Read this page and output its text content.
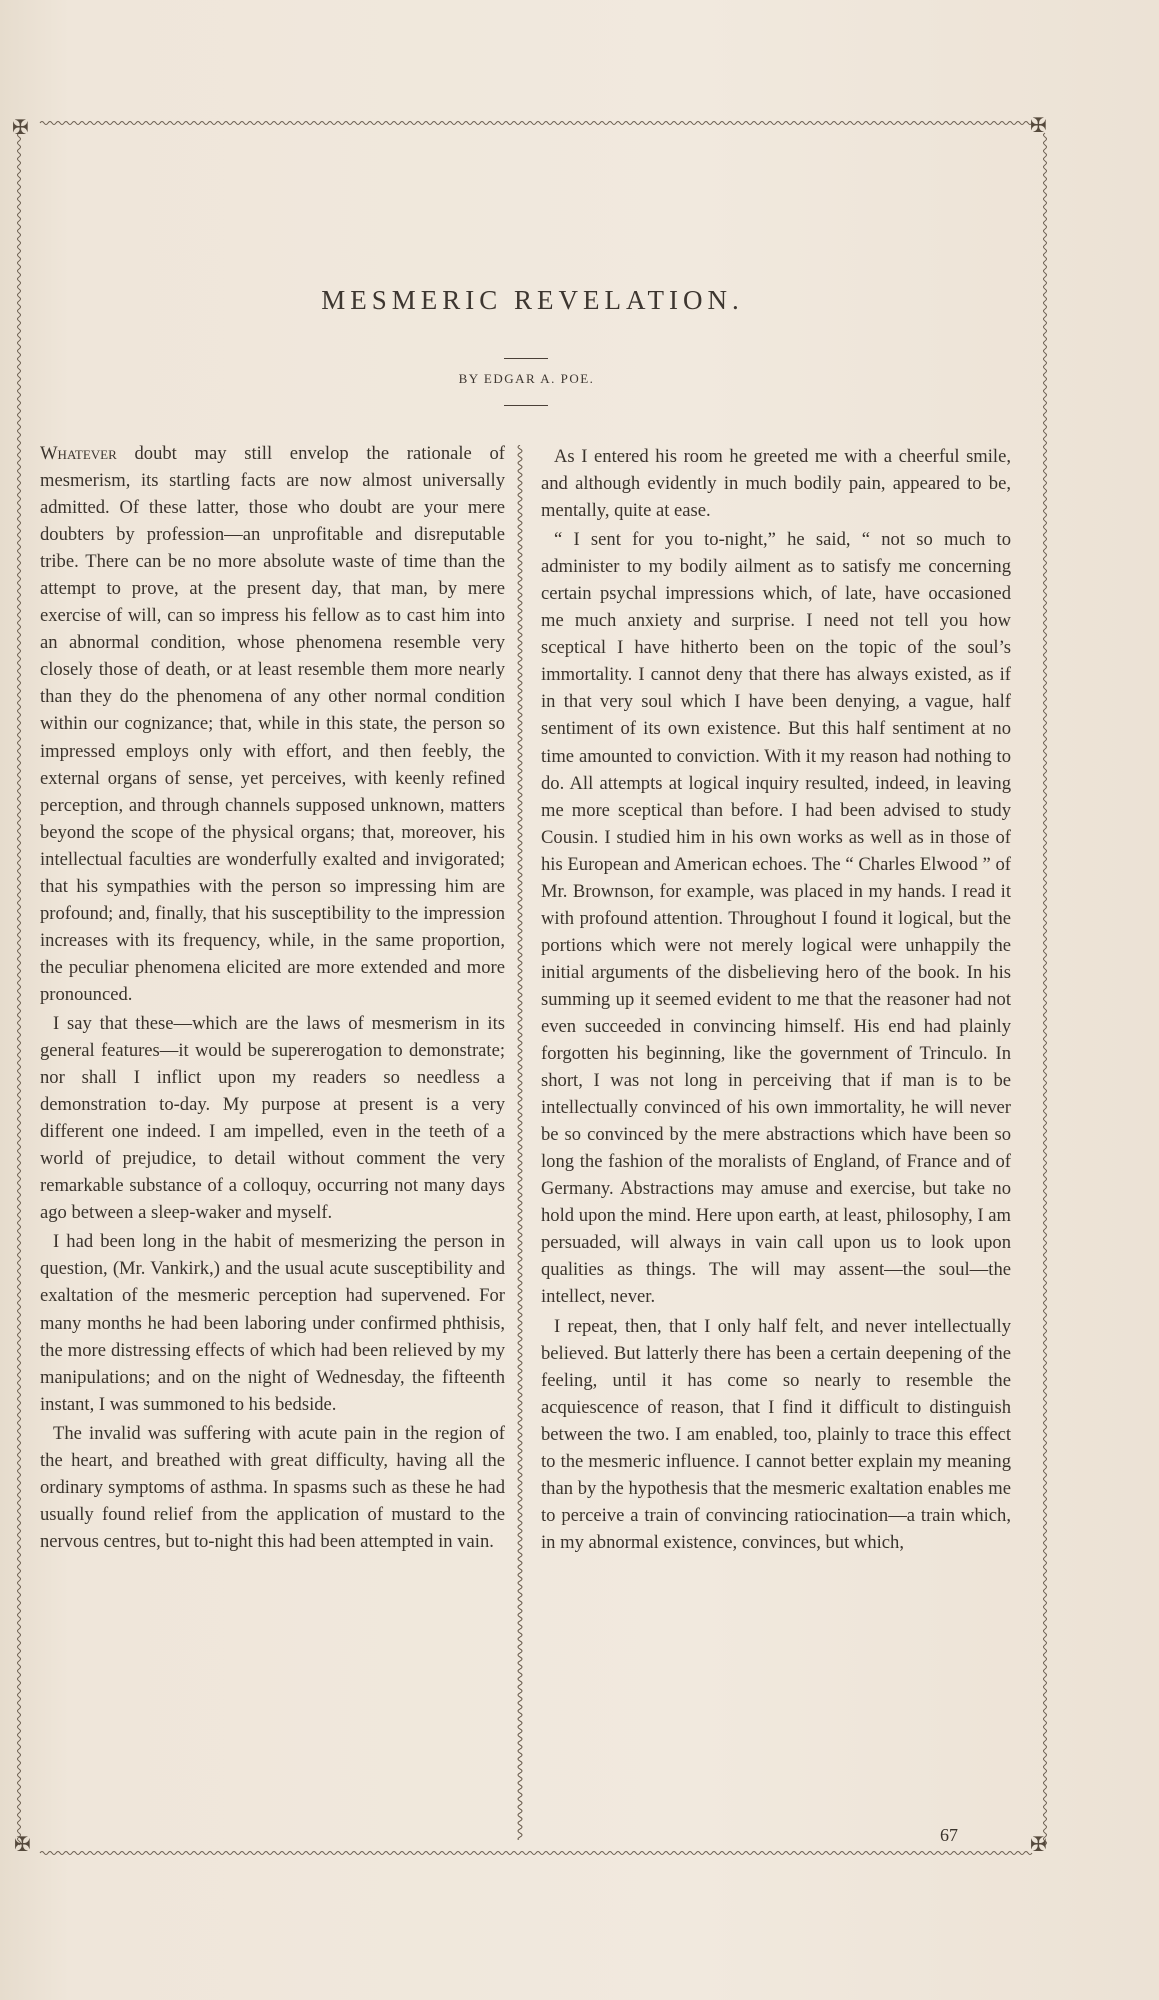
✠	✠
✠	✠
MESMERIC REVELATION.
BY EDGAR A. POE.

Whatever doubt may still envelop the rationale of mesmerism, its startling facts are now almost universally admitted. Of these latter, those who doubt are your mere doubters by profession—an unprofitable and disreputable tribe. There can be no more absolute waste of time than the attempt to prove, at the present day, that man, by mere exercise of will, can so impress his fellow as to cast him into an abnormal condition, whose phenomena resemble very closely those of death, or at least resemble them more nearly than they do the phenomena of any other normal condition within our cognizance; that, while in this state, the person so impressed employs only with effort, and then feebly, the external organs of sense, yet perceives, with keenly refined perception, and through channels supposed unknown, matters beyond the scope of the physical organs; that, moreover, his intellectual faculties are wonderfully exalted and invigorated; that his sympathies with the person so impressing him are profound; and, finally, that his susceptibility to the impression increases with its frequency, while, in the same proportion, the peculiar phenomena elicited are more extended and more pronounced.

I say that these—which are the laws of mesmerism in its general features—it would be supererogation to demonstrate; nor shall I inflict upon my readers so needless a demonstration to-day. My purpose at present is a very different one indeed. I am impelled, even in the teeth of a world of prejudice, to detail without comment the very remarkable substance of a colloquy, occurring not many days ago between a sleep-waker and myself.

I had been long in the habit of mesmerizing the person in question, (Mr. Vankirk,) and the usual acute susceptibility and exaltation of the mesmeric perception had supervened. For many months he had been laboring under confirmed phthisis, the more distressing effects of which had been relieved by my manipulations; and on the night of Wednesday, the fifteenth instant, I was summoned to his bedside.

The invalid was suffering with acute pain in the region of the heart, and breathed with great difficulty, having all the ordinary symptoms of asthma. In spasms such as these he had usually found relief from the application of mustard to the nervous centres, but to-night this had been attempted in vain.

As I entered his room he greeted me with a cheerful smile, and although evidently in much bodily pain, appeared to be, mentally, quite at ease.

“ I sent for you to-night,” he said, “ not so much to administer to my bodily ailment as to satisfy me concerning certain psychal impressions which, of late, have occasioned me much anxiety and surprise. I need not tell you how sceptical I have hitherto been on the topic of the soul’s immortality. I cannot deny that there has always existed, as if in that very soul which I have been denying, a vague, half sentiment of its own existence. But this half sentiment at no time amounted to conviction. With it my reason had nothing to do. All attempts at logical inquiry resulted, indeed, in leaving me more sceptical than before. I had been advised to study Cousin. I studied him in his own works as well as in those of his European and American echoes. The “ Charles Elwood ” of Mr. Brownson, for example, was placed in my hands. I read it with profound attention. Throughout I found it logical, but the portions which were not merely logical were unhappily the initial arguments of the disbelieving hero of the book. In his summing up it seemed evident to me that the reasoner had not even succeeded in convincing himself. His end had plainly forgotten his beginning, like the government of Trinculo. In short, I was not long in perceiving that if man is to be intellectually convinced of his own immortality, he will never be so convinced by the mere abstractions which have been so long the fashion of the moralists of England, of France and of Germany. Abstractions may amuse and exercise, but take no hold upon the mind. Here upon earth, at least, philosophy, I am persuaded, will always in vain call upon us to look upon qualities as things. The will may assent—the soul—the intellect, never.

I repeat, then, that I only half felt, and never intellectually believed. But latterly there has been a certain deepening of the feeling, until it has come so nearly to resemble the acquiescence of reason, that I find it difficult to distinguish between the two. I am enabled, too, plainly to trace this effect to the mesmeric influence. I cannot better explain my meaning than by the hypothesis that the mesmeric exaltation enables me to perceive a train of convincing ratiocination—a train which, in my abnormal existence, convinces, but which,

67
